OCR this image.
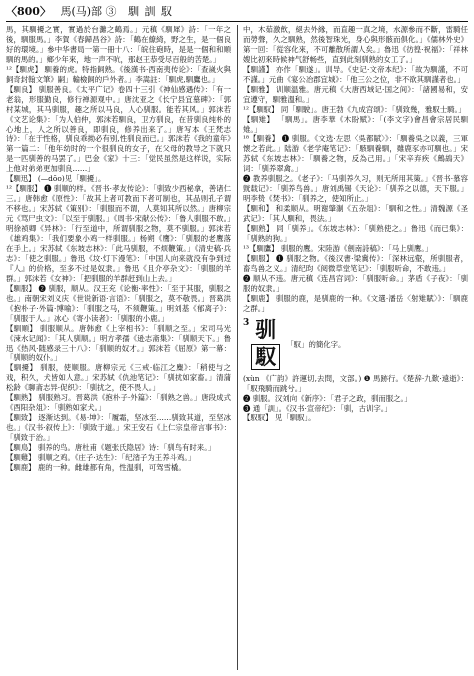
〈800〉 馬(马)部 ③ 馴 訓 馭

馬，其馴擾之實，實過於台灘之鶴焉。」元稹《馴犀》詩：「一年之後，馴服馬。」李賀《春歸昌谷》詩：「鶴在繚綺，野之生，是一個良好的環境。」參中华書局一第一冊十八：「皖住砲時，是是一個和和順馴的馬的。」鄉少年來，地一声不吭，那赵王恭受尽百般的苦楚。」

¹²【馴虎】 馴養的虎。特指飼熟。《後漢书·西南夷传论》：「查嵗火與飼奇封翰文筆》嗣」輸檢飼的戶外者。」李嵩註：「馴虎,馴鷹也。」

【馴良】 驯服善良。《太平广记》卷四十三引《神仙感遇传》：「有一老翁，形服勤良，修行禅源观中。」唐沈亚之《长宁县宜墓碑》：「郭村某城，其马驯服，趣之所以马良，人心驯服。能若其风。」郭沫若《文艺论集》：「为人伯仲，郭沫若馴良，卫方驯良，在昔驯良纯朴的心地上，人之所以善良，即驯良，修养出来了。」唐写本《王梵志诗》：「在于性格，驯良乖拗必有别,性驯良而已。」郭沫若《我的童年》第一篇二：「他年幼时的一个很驯良的女子，在父母的教导之下就只是一匹驯善的马罢了。」巴金《家》十三：「觉民虽然是这样说，实际上他对弟弟更加驯良……」

【馴迅】 (—dōo)见「馴擾」。

¹²【馴服】 ❶ 驯顺的样。《晋书·孝友传论》：「驯致少西秘拿，善诸仁三。」唐韩愈《原性》：「故其上者可教而下者可制也，其品则孔子谓不移也。」宋苏轼《策别》：「驯服而不谓，人莫知其所以然。」唐柳宗元《骂尸虫文》：「以至于驯服。」《周书·宋献公传》：「鲁人驯服不敢。」明徐祯卿《异林》：「行至道中，所谓驯服之物，莫不驯服。」郭沫若《雄鸡集》：「我们要象小鸡一样驯服。」杨朔《鹰》：「驯服的老鹰落在手上。」宋苏轼《东坡志林》：「此马驯服，不烦鞭策。」《清史稿·兵志》：「使之驯服。」鲁迅《坟·灯下漫笔》：「中国人向来就没有争到过『人』的价格，至多不过是奴隶。」鲁迅《且介亭杂文》：「驯服的羊群。」郭沫若《女神》：「把驯服的羊群赶到山上去。」

【馴服】 ❷ 驯服，顺从。汉王充《论衡·率性》：「至于其服，驯服之也。」南朝宋刘义庆《世说新语·言语》：「驯服之，莫不敬畏。」晋葛洪《抱朴子·外篇·博喻》：「驯服之马，不须鞭策。」明刘基《郁离子》：「驯服于人。」冰心《寄小读者》：「驯服的小鹿。」

【馴順】 驯服顺从。唐韩愈《上宰相书》：「驯顺之至。」宋司马光《涑水记闻》：「其人驯顺。」明方孝孺《逊志斋集》：「驯顺天下。」鲁迅《热风·随感录三十八》：「驯顺的奴才。」郭沫若《屈原》第一幕：「驯顺的奴仆。」

【馴擾】 驯服，使顺服。唐柳宗元《三戒·临江之麋》：「稍使与之戏，积久，犬皆如人意。」宋苏轼《仇池笔记》：「驯扰如家畜。」清蒲松龄《聊斋志异·促织》：「驯扰之，使不畏人。」

【馴熟】 驯服熟习。晋葛洪《抱朴子·外篇》：「驯熟之兽。」唐段成式《酉阳杂俎》：「驯熟如家犬。」

【馴致】 逐渐达到。《易·坤》：「履霜，坚冰至……驯致其道，至坚冰也。」《汉书·叙传上》：「驯致于道。」宋王安石《上仁宗皇帝言事书》：「驯致于治。」

【馴鳥】 驯养的鸟。唐杜甫《题张氏隐居》诗：「驯鸟有时来。」

【馴雞】 驯顺之鸡。《庄子·达生》：「纪渻子为王养斗鸡。」

【馴鹿】 鹿的一种。雌雄都有角，性温驯，可驾雪橇。

中，木茹激飲，絕去外緣，而直趣一真之境，水源參而不斷，雷騎任而勞聲，久之馴熟，然後智珠光，身心與形骸而俱化。」《儒林外史》第一回：「從容化來，不可離散所謂人矣。」魯迅《彷徨·祝福》：「祥林嫂比初來時候神气舒畅些，直到此刻驯熟的女工了。」

【馴謹】 亦作「馴遂」。训导。《史记·文帝本纪》：「故为馴謹，不可不謹。」元曲《宴公冶郡宜城》：「他三公之位，非不欲其馴謹者也。」

【馴雅】 训顺温雅。唐元稹《大唐西域记·国之间》：「諸國易和，安宜遵守，馴雅溫和。」

¹²【馴馭】 同「馴駛」。唐王勃《九成宫颂》：「驯致幾，雅馭士騎。」

【馴雉】 「馴馬」。唐李華《木盼赋》：「(李文字)會昌會宗居民馴雉。」

¹⁸【馴養】 ❶ 驯服。《文选·左思〈吳都賦〉》：「馴養吳之以義，三軍懷之若此。」陆游《老学庵笔记》：「駭馴養馴，雖鹿豕亦可馴也。」宋苏轼《东坡志林》：「馴養之物，反為己用。」「宋辛弃疾《鷓鴣天》词：「驯养翠禽。」

❷ 教养驯服之。《老子》：「马驯养久习，则无所用其策。」《晋书·慕容皝载记》：「驯养鸟兽。」唐刘禹锡《天论》：「驯养之以德，天下服。」明李贽《焚书》：「驯养之，使知所止。」

【馴和】 和柔顺从。明谢肇淛《五杂俎》：「馴和之性。」清魏源《圣武记》：「其人馴和，畏法。」

【馴熟】 同「驯养」。《东坡志林》：「驯熟使之。」鲁迅《而已集》：「驯熟的狗。」

¹³【馴鷹】 驯服的鹰。宋陸游《劍南詩稿》：「马上驯鹰。」

【馴服】 ❶ 驯服之物。《後汉書·梁冀传》：「深林远壑，所驯服者，畜鸟兽之义。」清纪昀《阅微草堂笔记》：「驯服听命，不敢违。」

❷ 顺从不违。唐元稹《连昌宫词》：「驯服听命。」茅盾《子夜》：「驯服的奴隶。」

【馴鹿】 驯服的鹿，是驯鹿的一种。《文選·潘岳〈射雉賦〉》：「馴鹿之群。」

3 驯
馭	「馭」的簡化字。

(xùn 《广韵》許運切,去問，文部。) ❶ 馬跡行。《楚辞·九歎·遠逝》：「馭飛騎而跳兮。」

❷ 驯服。汉刘向《新序》：「君子之政，驯而服之。」

❸ 通「訓」。《汉书·宣帝纪》：「驯，古训字。」

【馭馭】 见「馴馭」。
